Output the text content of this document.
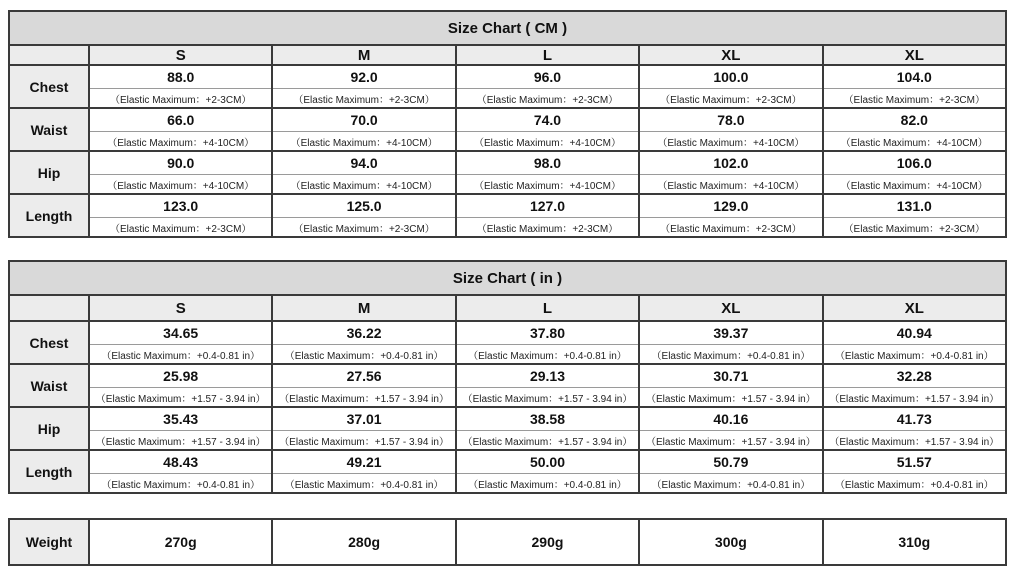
Size Chart ( CM )					
	S	M	L	XL	XL
Chest	88.0	92.0	96.0	100.0	104.0
	（Elastic Maximum：+2-3CM）	（Elastic Maximum：+2-3CM）	（Elastic Maximum：+2-3CM）	（Elastic Maximum：+2-3CM）	（Elastic Maximum：+2-3CM）
Waist	66.0	70.0	74.0	78.0	82.0
	（Elastic Maximum：+4-10CM）	（Elastic Maximum：+4-10CM）	（Elastic Maximum：+4-10CM）	（Elastic Maximum：+4-10CM）	（Elastic Maximum：+4-10CM）
Hip	90.0	94.0	98.0	102.0	106.0
	（Elastic Maximum：+4-10CM）	（Elastic Maximum：+4-10CM）	（Elastic Maximum：+4-10CM）	（Elastic Maximum：+4-10CM）	（Elastic Maximum：+4-10CM）
Length	123.0	125.0	127.0	129.0	131.0
	（Elastic Maximum：+2-3CM）	（Elastic Maximum：+2-3CM）	（Elastic Maximum：+2-3CM）	（Elastic Maximum：+2-3CM）	（Elastic Maximum：+2-3CM）
Size Chart ( in )					
	S	M	L	XL	XL
Chest	34.65	36.22	37.80	39.37	40.94
	（Elastic Maximum：+0.4-0.81 in）	（Elastic Maximum：+0.4-0.81 in）	（Elastic Maximum：+0.4-0.81 in）	（Elastic Maximum：+0.4-0.81 in）	（Elastic Maximum：+0.4-0.81 in）
Waist	25.98	27.56	29.13	30.71	32.28
	（Elastic Maximum：+1.57 - 3.94 in）	（Elastic Maximum：+1.57 - 3.94 in）	（Elastic Maximum：+1.57 - 3.94 in）	（Elastic Maximum：+1.57 - 3.94 in）	（Elastic Maximum：+1.57 - 3.94 in）
Hip	35.43	37.01	38.58	40.16	41.73
	（Elastic Maximum：+1.57 - 3.94 in）	（Elastic Maximum：+1.57 - 3.94 in）	（Elastic Maximum：+1.57 - 3.94 in）	（Elastic Maximum：+1.57 - 3.94 in）	（Elastic Maximum：+1.57 - 3.94 in）
Length	48.43	49.21	50.00	50.79	51.57
	（Elastic Maximum：+0.4-0.81 in）	（Elastic Maximum：+0.4-0.81 in）	（Elastic Maximum：+0.4-0.81 in）	（Elastic Maximum：+0.4-0.81 in）	（Elastic Maximum：+0.4-0.81 in）
Weight	270g	280g	290g	300g	310g
